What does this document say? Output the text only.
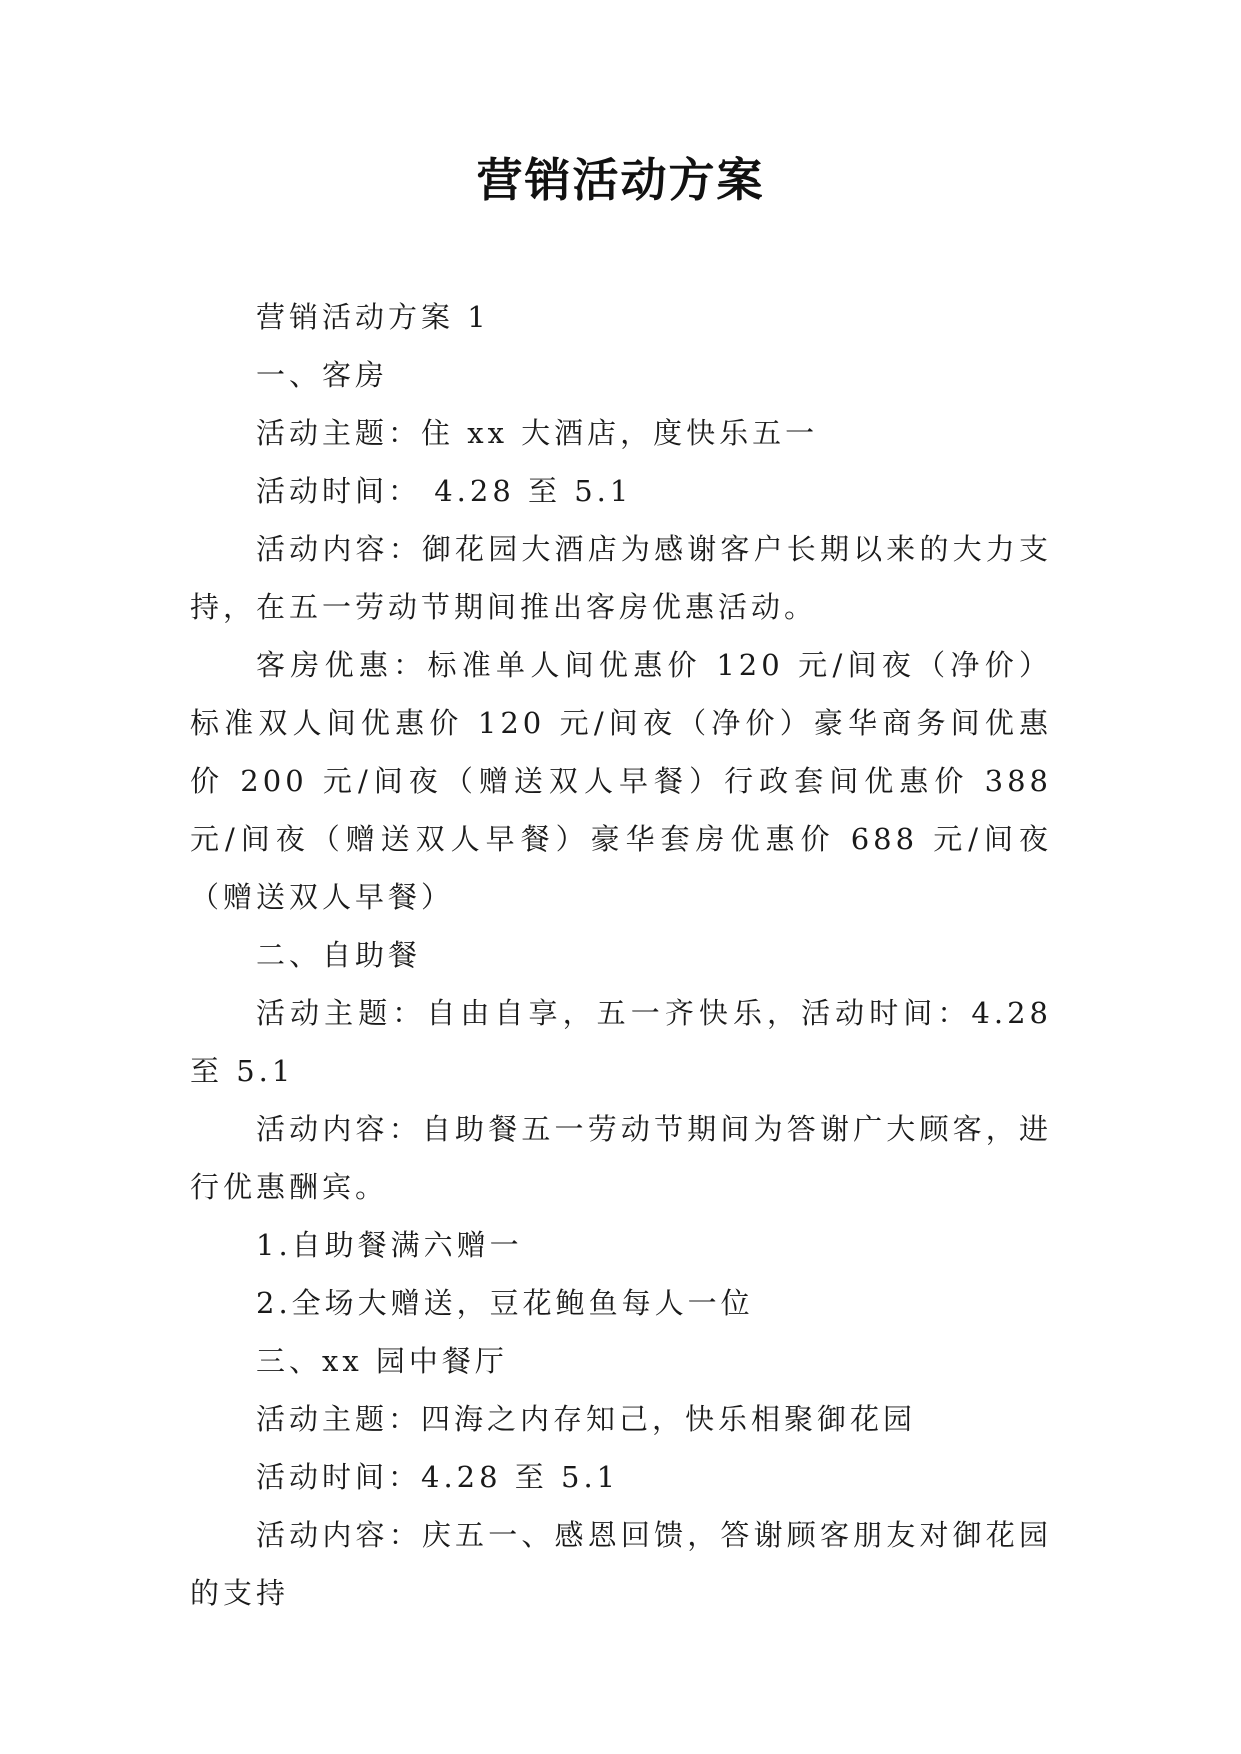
营销活动方案

营销活动方案 1

一、客房

活动主题：住 xx 大酒店，度快乐五一

活动时间： 4.28 至 5.1

活动内容：御花园大酒店为感谢客户长期以来的大力支持，在五一劳动节期间推出客房优惠活动。

客房优惠：标准单人间优惠价 120 元/间夜（净价）标准双人间优惠价 120 元/间夜（净价）豪华商务间优惠价 200 元/间夜（赠送双人早餐）行政套间优惠价 388 元/间夜（赠送双人早餐）豪华套房优惠价 688 元/间夜（赠送双人早餐）

二、自助餐

活动主题：自由自享，五一齐快乐，活动时间：4.28 至 5.1

活动内容：自助餐五一劳动节期间为答谢广大顾客，进行优惠酬宾。

1.自助餐满六赠一

2.全场大赠送，豆花鲍鱼每人一位

三、xx 园中餐厅

活动主题：四海之内存知己，快乐相聚御花园

活动时间：4.28 至 5.1

活动内容：庆五一、感恩回馈，答谢顾客朋友对御花园的支持
